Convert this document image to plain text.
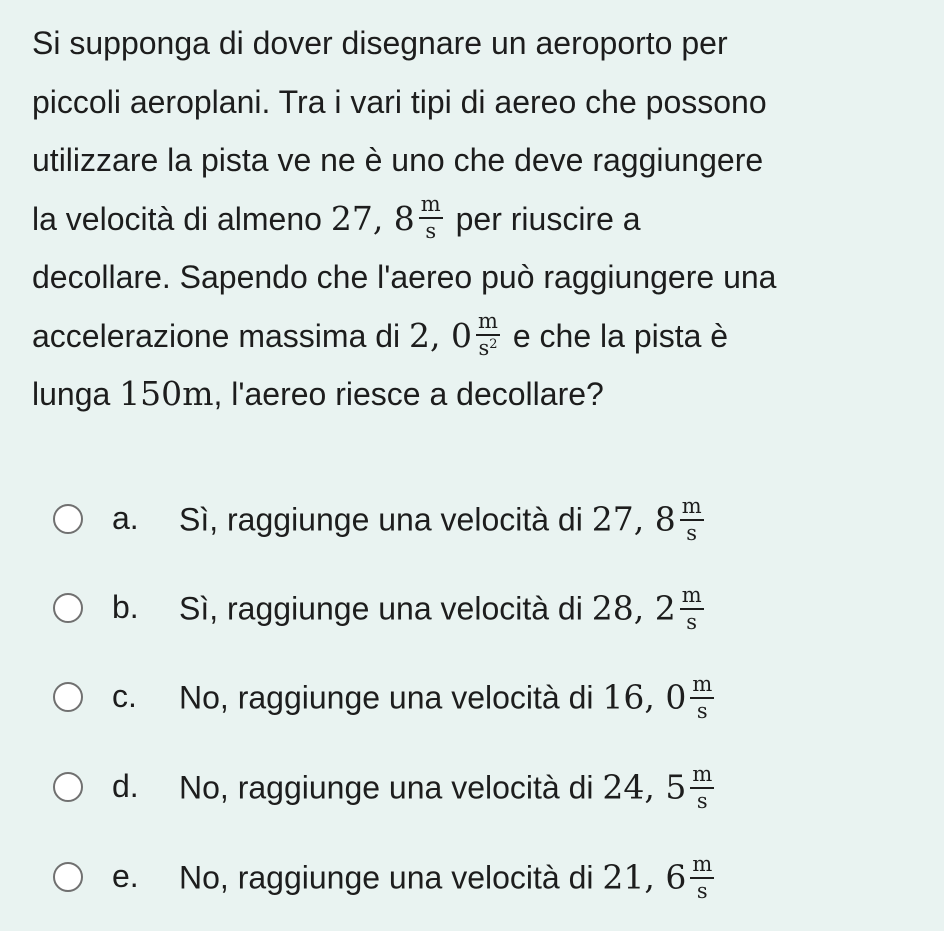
Si supponga di dover disegnare un aeroporto per
piccoli aeroplani. Tra i vari tipi di aereo che possono
utilizzare la pista ve ne è uno che deve raggiungere
la velocità di almeno 27, $8 \frac{m}{s}$ per riuscire a
decollare. Sapendo che l'aereo può raggiungere una
accelerazione massima di 2, $0 \frac{m}{s^2}$ e che la pista è
lunga 150m, l'aereo riesce a decollare?
a. Sì, raggiunge una velocità di 27, $8 \frac{m}{s}$
b. Sì, raggiunge una velocità di 28, $2 \frac{m}{s}$
c. No, raggiunge una velocità di 16, $0 \frac{m}{s}$
d. No, raggiunge una velocità di 24, $5 \frac{m}{s}$
e. No, raggiunge una velocità di 21, $6 \frac{m}{s}$
